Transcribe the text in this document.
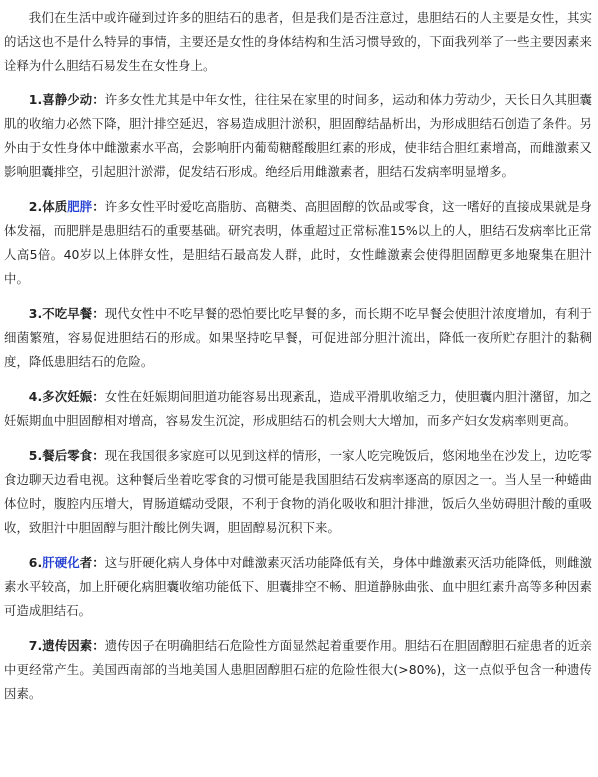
我们在生活中或许碰到过许多的胆结石的患者，但是我们是否注意过，患胆结石的人主要是女性，其实的话这也不是什么特异的事情，主要还是女性的身体结构和生活习惯导致的，下面我列举了一些主要因素来诠释为什么胆结石易发生在女性身上。

1.喜静少动：许多女性尤其是中年女性，往往呆在家里的时间多，运动和体力劳动少，天长日久其胆囊肌的收缩力必然下降，胆汁排空延迟，容易造成胆汁淤积，胆固醇结晶析出，为形成胆结石创造了条件。另外由于女性身体中雌激素水平高，会影响肝内葡萄糖醛酸胆红素的形成，使非结合胆红素增高，而雌激素又影响胆囊排空，引起胆汁淤滞，促发结石形成。绝经后用雌激素者，胆结石发病率明显增多。

2.体质肥胖：许多女性平时爱吃高脂肪、高糖类、高胆固醇的饮品或零食，这一嗜好的直接成果就是身体发福，而肥胖是患胆结石的重要基础。研究表明，体重超过正常标准15%以上的人，胆结石发病率比正常人高5倍。40岁以上体胖女性，是胆结石最高发人群，此时，女性雌激素会使得胆固醇更多地聚集在胆汁中。

3.不吃早餐：现代女性中不吃早餐的恐怕要比吃早餐的多，而长期不吃早餐会使胆汁浓度增加，有利于细菌繁殖，容易促进胆结石的形成。如果坚持吃早餐，可促进部分胆汁流出，降低一夜所贮存胆汁的黏稠度，降低患胆结石的危险。

4.多次妊娠：女性在妊娠期间胆道功能容易出现紊乱，造成平滑肌收缩乏力，使胆囊内胆汁潴留，加之妊娠期血中胆固醇相对增高，容易发生沉淀，形成胆结石的机会则大大增加，而多产妇女发病率则更高。

5.餐后零食：现在我国很多家庭可以见到这样的情形，一家人吃完晚饭后，悠闲地坐在沙发上，边吃零食边聊天边看电视。这种餐后坐着吃零食的习惯可能是我国胆结石发病率逐高的原因之一。当人呈一种蜷曲体位时，腹腔内压增大，胃肠道蠕动受限，不利于食物的消化吸收和胆汁排泄，饭后久坐妨碍胆汁酸的重吸收，致胆汁中胆固醇与胆汁酸比例失调，胆固醇易沉积下来。

6.肝硬化者：这与肝硬化病人身体中对雌激素灭活功能降低有关，身体中雌激素灭活功能降低，则雌激素水平较高，加上肝硬化病胆囊收缩功能低下、胆囊排空不畅、胆道静脉曲张、血中胆红素升高等多种因素可造成胆结石。

7.遗传因素：遗传因子在明确胆结石危险性方面显然起着重要作用。胆结石在胆固醇胆石症患者的近亲中更经常产生。美国西南部的当地美国人患胆固醇胆石症的危险性很大(>80%)，这一点似乎包含一种遗传因素。
